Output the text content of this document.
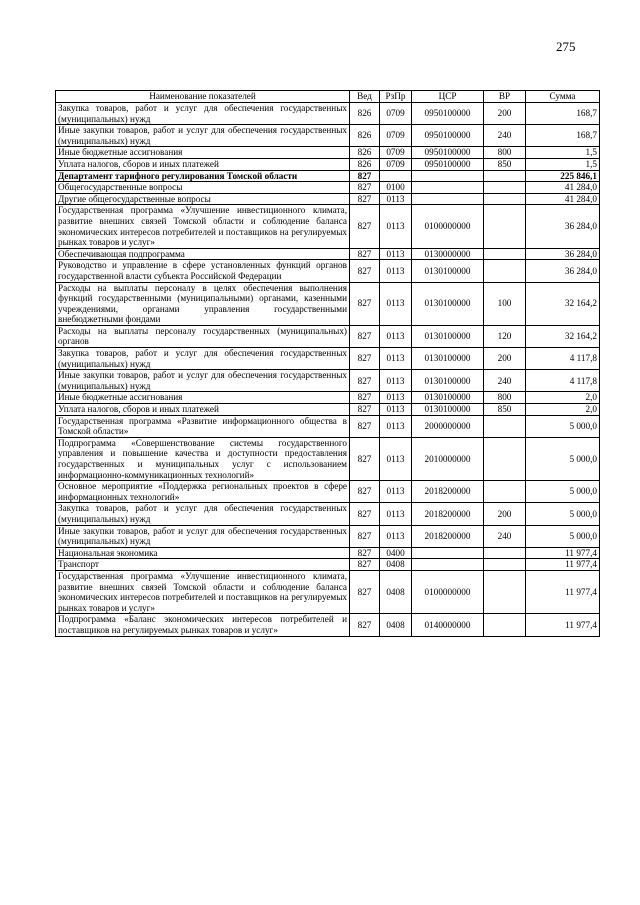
275
Наименование показателей	Вед	РзПр	ЦСР	ВР	Сумма
Закупка товаров, работ и услуг для обеспечения государственных (муниципальных) нужд	826	0709	0950100000	200	168,7
Иные закупки товаров, работ и услуг для обеспечения государственных (муниципальных) нужд	826	0709	0950100000	240	168,7
Иные бюджетные ассигнования	826	0709	0950100000	800	1,5
Уплата налогов, сборов и иных платежей	826	0709	0950100000	850	1,5
Департамент тарифного регулирования Томской области	827				225 846,1
Общегосударственные вопросы	827	0100			41 284,0
Другие общегосударственные вопросы	827	0113			41 284,0
Государственная программа «Улучшение инвестиционного климата, развитие внешних связей Томской области и соблюдение баланса экономических интересов потребителей и поставщиков на регулируемых рынках товаров и услуг»	827	0113	0100000000		36 284,0
Обеспечивающая подпрограмма	827	0113	0130000000		36 284,0
Руководство и управление в сфере установленных функций органов государственной власти субъекта Российской Федерации	827	0113	0130100000		36 284,0
Расходы на выплаты персоналу в целях обеспечения выполнения функций государственными (муниципальными) органами, казенными учреждениями, органами управления государственными внебюджетными фондами	827	0113	0130100000	100	32 164,2
Расходы на выплаты персоналу государственных (муниципальных) органов	827	0113	0130100000	120	32 164,2
Закупка товаров, работ и услуг для обеспечения государственных (муниципальных) нужд	827	0113	0130100000	200	4 117,8
Иные закупки товаров, работ и услуг для обеспечения государственных (муниципальных) нужд	827	0113	0130100000	240	4 117,8
Иные бюджетные ассигнования	827	0113	0130100000	800	2,0
Уплата налогов, сборов и иных платежей	827	0113	0130100000	850	2,0
Государственная программа «Развитие информационного общества в Томской области»	827	0113	2000000000		5 000,0
Подпрограмма «Совершенствование системы государственного управления и повышение качества и доступности предоставления государственных и муниципальных услуг с использованием информационно-коммуникационных технологий»	827	0113	2010000000		5 000,0
Основное мероприятие «Поддержка региональных проектов в сфере информационных технологий»	827	0113	2018200000		5 000,0
Закупка товаров, работ и услуг для обеспечения государственных (муниципальных) нужд	827	0113	2018200000	200	5 000,0
Иные закупки товаров, работ и услуг для обеспечения государственных (муниципальных) нужд	827	0113	2018200000	240	5 000,0
Национальная экономика	827	0400			11 977,4
Транспорт	827	0408			11 977,4
Государственная программа «Улучшение инвестиционного климата, развитие внешних связей Томской области и соблюдение баланса экономических интересов потребителей и поставщиков на регулируемых рынках товаров и услуг»	827	0408	0100000000		11 977,4
Подпрограмма «Баланс экономических интересов потребителей и поставщиков на регулируемых рынках товаров и услуг»	827	0408	0140000000		11 977,4
